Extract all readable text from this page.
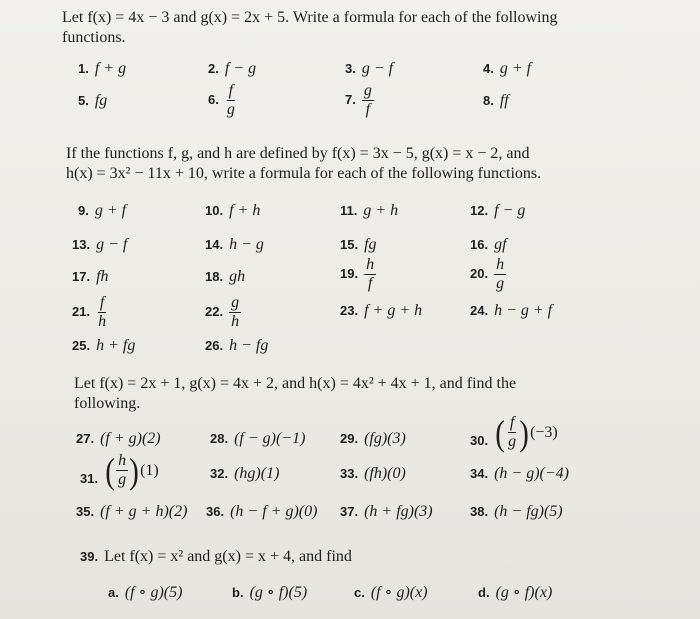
Let f(x) = 4x − 3 and g(x) = 2x + 5. Write a formula for each of the following
functions.
1. f + g	2. f − g	3. g − f	4. g + f
5. fg	6. $\frac{f}{g}$	7. $\frac{g}{f}$	8. ff
If the functions f, g, and h are defined by f(x) = 3x − 5, g(x) = x − 2, and
h(x) = 3x² − 11x + 10, write a formula for each of the following functions.
9. g + f	10. f + h	11. g + h	12. f − g
13. g − f	14. h − g	15. fg	16. gf
17. fh	18. gh	19. $\frac{h}{f}$	20. $\frac{h}{g}$
21. $\frac{f}{h}$	22. $\frac{g}{h}$	23. f + g + h	24. h − g + f
25. h + fg	26. h − fg
Let f(x) = 2x + 1, g(x) = 4x + 2, and h(x) = 4x² + 4x + 1, and find the
following.
27. (f + g)(2)	28. (f − g)(−1)	29. (fg)(3)	30. ( $\frac{f}{g}$ ) (−3)
31. ( $\frac{h}{g}$ ) (1)	32. (hg)(1)	33. (fh)(0)	34. (h − g)(−4)
35. (f + g + h)(2) 36. (h − f + g)(0) 37. (h + fg)(3)	38. (h − fg)(5)
39. Let f(x) = x² and g(x) = x + 4, and find
a. (f ∘ g)(5)	b. (g ∘ f)(5)	c. (f ∘ g)(x)	d. (g ∘ f)(x)
